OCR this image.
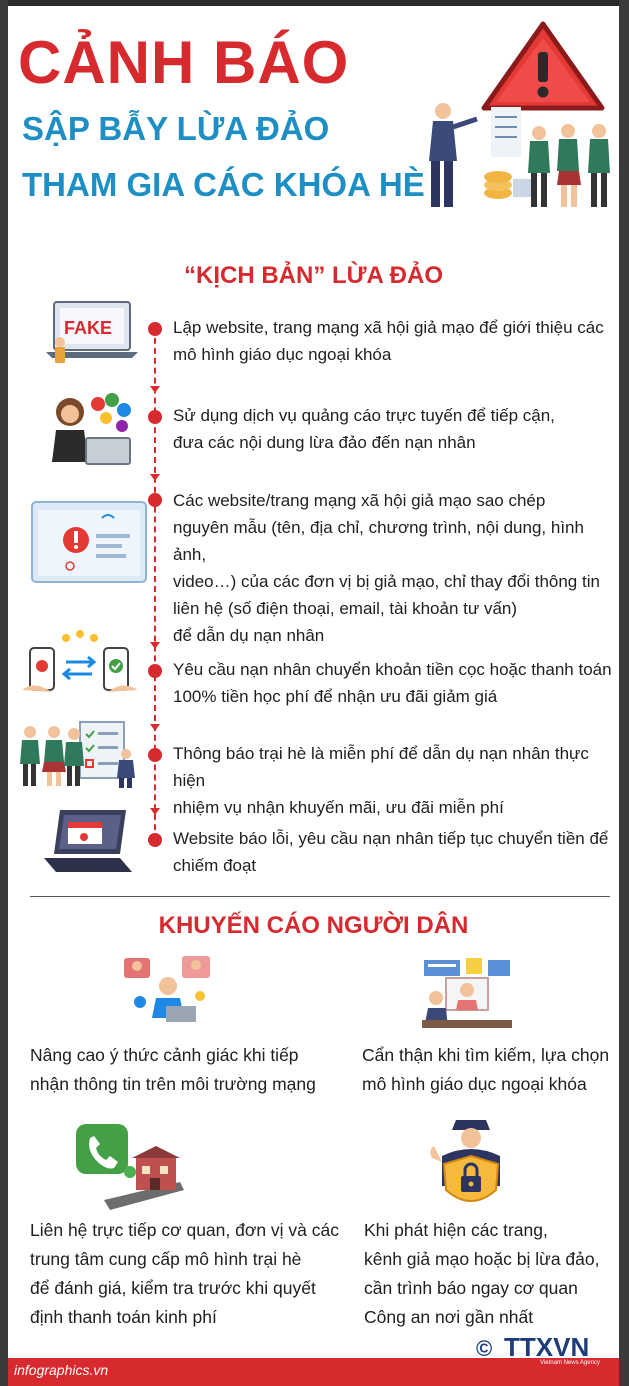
CẢNH BÁO
SẬP BẪY LỪA ĐẢO
THAM GIA CÁC KHÓA HÈ
“KỊCH BẢN” LỪA ĐẢO
FAKE	Lập website, trang mạng xã hội giả mạo để giới thiệu các
mô hình giáo dục ngoại khóa
Sử dụng dịch vụ quảng cáo trực tuyến để tiếp cận,
đưa các nội dung lừa đảo đến nạn nhân
Các website/trang mạng xã hội giả mạo sao chép
nguyên mẫu (tên, địa chỉ, chương trình, nội dung, hình ảnh,
video…) của các đơn vị bị giả mạo, chỉ thay đổi thông tin
liên hệ (số điện thoại, email, tài khoản tư vấn)
để dẫn dụ nạn nhân
Yêu cầu nạn nhân chuyển khoản tiền cọc hoặc thanh toán
100% tiền học phí để nhận ưu đãi giảm giá
Thông báo trại hè là miễn phí để dẫn dụ nạn nhân thực hiện
nhiệm vụ nhận khuyến mãi, ưu đãi miễn phí
Website báo lỗi, yêu cầu nạn nhân tiếp tục chuyển tiền để
chiếm đoạt
KHUYẾN CÁO NGƯỜI DÂN
Nâng cao ý thức cảnh giác khi tiếp
nhận thông tin trên môi trường mạng
Cẩn thận khi tìm kiếm, lựa chọn
mô hình giáo dục ngoại khóa
Liên hệ trực tiếp cơ quan, đơn vị và các
trung tâm cung cấp mô hình trại hè
để đánh giá, kiểm tra trước khi quyết
định thanh toán kinh phí
Khi phát hiện các trang,
kênh giả mạo hoặc bị lừa đảo,
cần trình báo ngay cơ quan
Công an nơi gần nhất
infographics.vn
© TTXVN
Vietnam News Agency
